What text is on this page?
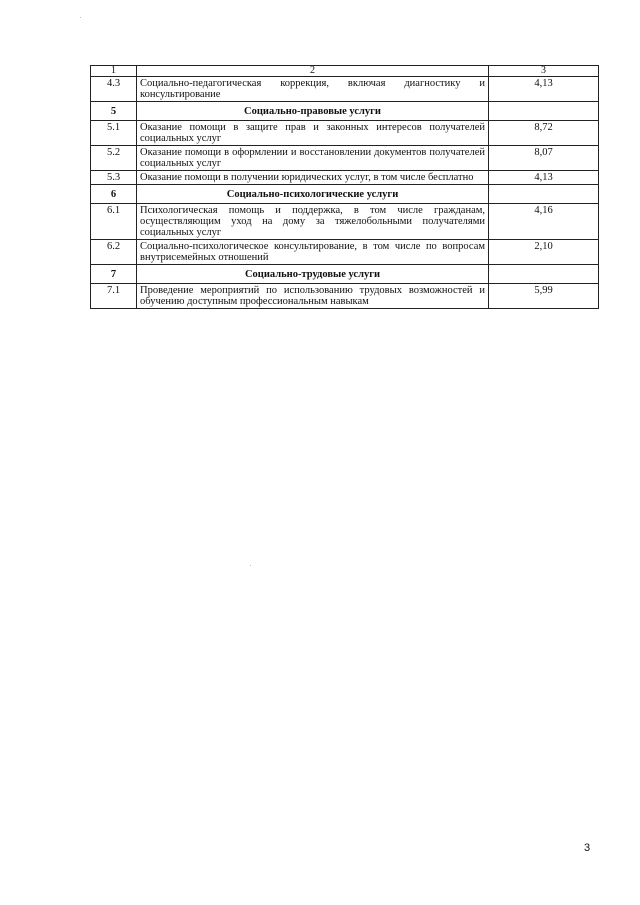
1	2	3
4.3	Социально-педагогическая коррекция, включая диагностику и консультирование	4,13
5	Социально-правовые услуги	
5.1	Оказание помощи в защите прав и законных интересов получателей социальных услуг	8,72
5.2	Оказание помощи в оформлении и восстановлении документов получателей социальных услуг	8,07
5.3	Оказание помощи в получении юридических услуг, в том числе бесплатно	4,13
6	Социально-психологические услуги	
6.1	Психологическая помощь и поддержка, в том числе гражданам, осуществляющим уход на дому за тяжелобольными получателями социальных услуг	4,16
6.2	Социально-психологическое консультирование, в том числе по вопросам внутрисемейных отношений	2,10
7	Социально-трудовые услуги	
7.1	Проведение мероприятий по использованию трудовых возможностей и обучению доступным профессиональным навыкам	5,99
3
